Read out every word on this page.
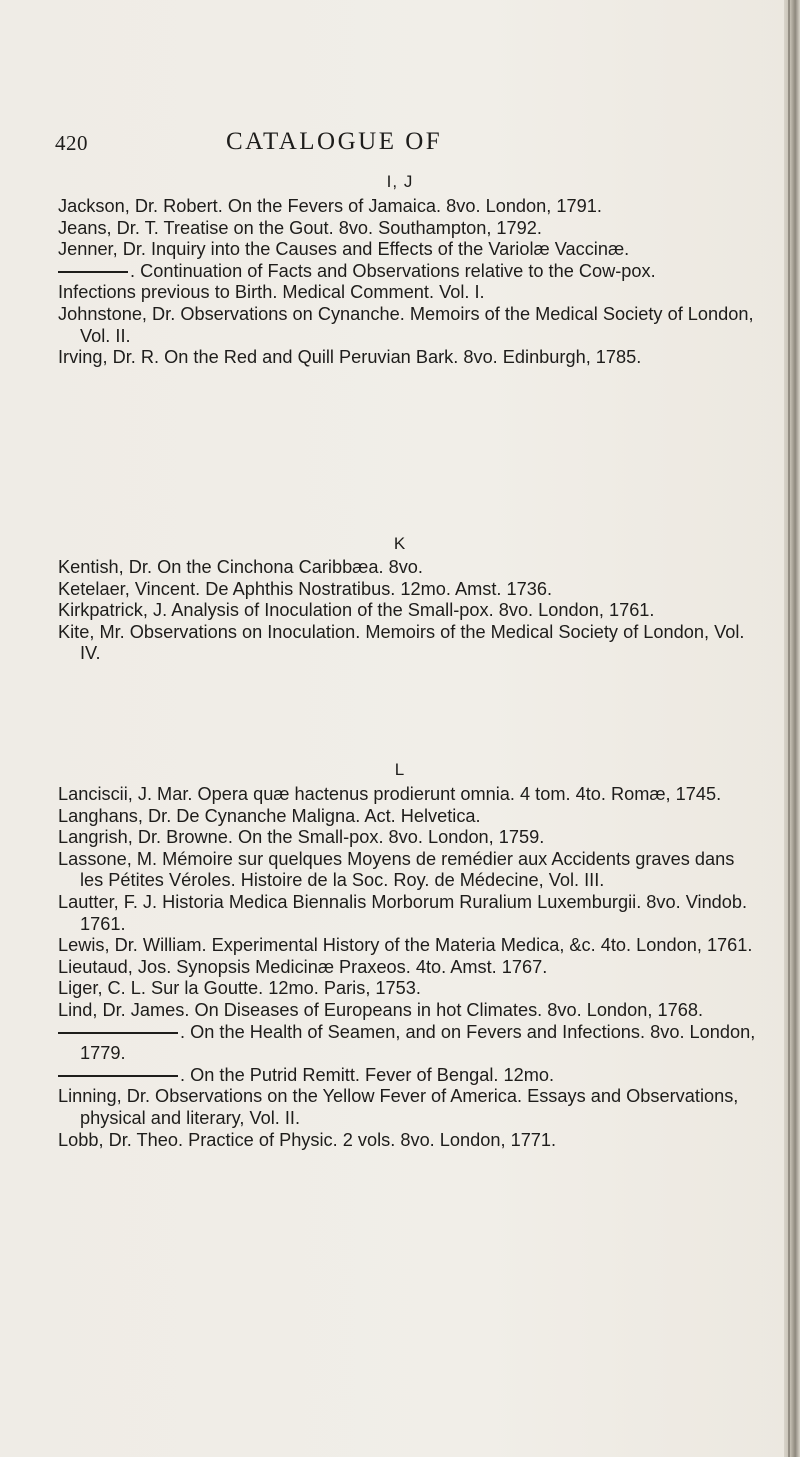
420	CATALOGUE OF
I, J

Jackson, Dr. Robert. On the Fevers of Jamaica. 8vo. London, 1791.

Jeans, Dr. T. Treatise on the Gout. 8vo. Southampton, 1792.

Jenner, Dr. Inquiry into the Causes and Effects of the Variolæ Vaccinæ.

. Continuation of Facts and Observations relative to the Cow-pox.

Infections previous to Birth. Medical Comment. Vol. I.

Johnstone, Dr. Observations on Cynanche. Memoirs of the Medical Society of London, Vol. II.

Irving, Dr. R. On the Red and Quill Peruvian Bark. 8vo. Edinburgh, 1785.

K

Kentish, Dr. On the Cinchona Caribbæa. 8vo.

Ketelaer, Vincent. De Aphthis Nostratibus. 12mo. Amst. 1736.

Kirkpatrick, J. Analysis of Inoculation of the Small-pox. 8vo. London, 1761.

Kite, Mr. Observations on Inoculation. Memoirs of the Medical Society of London, Vol. IV.

L

Lanciscii, J. Mar. Opera quæ hactenus prodierunt omnia. 4 tom. 4to. Romæ, 1745.

Langhans, Dr. De Cynanche Maligna. Act. Helvetica.

Langrish, Dr. Browne. On the Small-pox. 8vo. London, 1759.

Lassone, M. Mémoire sur quelques Moyens de remédier aux Accidents graves dans les Pétites Véroles. Histoire de la Soc. Roy. de Médecine, Vol. III.

Lautter, F. J. Historia Medica Biennalis Morborum Ruralium Luxemburgii. 8vo. Vindob. 1761.

Lewis, Dr. William. Experimental History of the Materia Medica, &c. 4to. London, 1761.

Lieutaud, Jos. Synopsis Medicinæ Praxeos. 4to. Amst. 1767.

Liger, C. L. Sur la Goutte. 12mo. Paris, 1753.

Lind, Dr. James. On Diseases of Europeans in hot Climates. 8vo. London, 1768.

. On the Health of Seamen, and on Fevers and Infections. 8vo. London, 1779.

. On the Putrid Remitt. Fever of Bengal. 12mo.

Linning, Dr. Observations on the Yellow Fever of America. Essays and Observations, physical and literary, Vol. II.

Lobb, Dr. Theo. Practice of Physic. 2 vols. 8vo. London, 1771.
